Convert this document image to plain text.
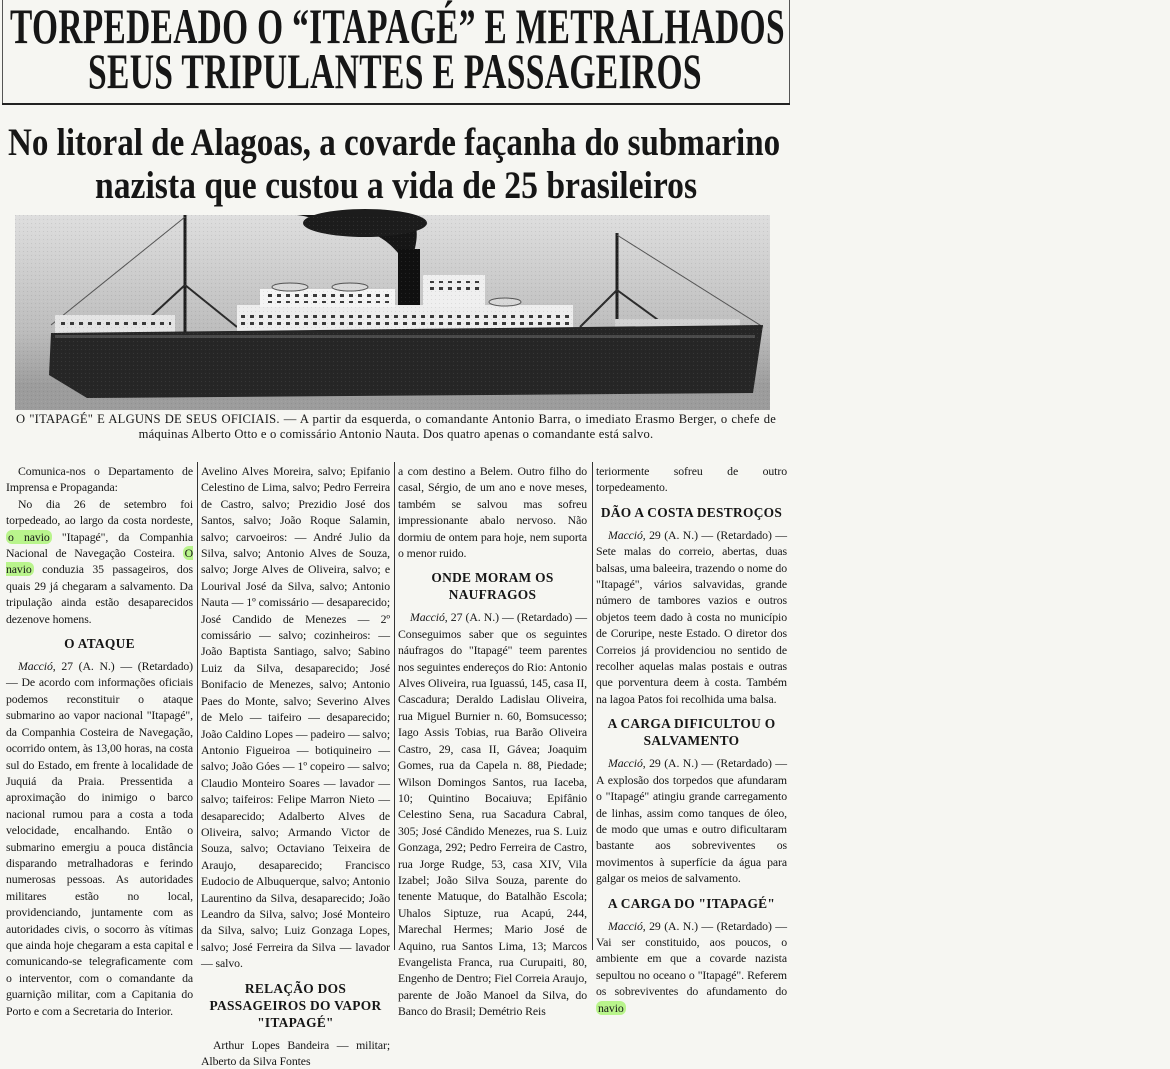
TORPEDEADO O “ITAPAGÉ” E METRALHADOS
SEUS TRIPULANTES E PASSAGEIROS
No litoral de Alagoas, a covarde façanha do submarino
nazista que custou a vida de 25 brasileiros
O "ITAPAGÉ" E ALGUNS DE SEUS OFICIAIS. — A partir da esquerda, o comandante Antonio Barra, o imediato Erasmo Berger, o chefe de máquinas Alberto Otto e o comissário Antonio Nauta. Dos quatro apenas o comandante está salvo.

Comunica-nos o Departamento de Imprensa e Propaganda:

No dia 26 de setembro foi torpedeado, ao largo da costa nordeste, o navio "Itapagé", da Companhia Nacional de Navegação Costeira. O navio conduzia 35 passageiros, dos quais 29 já chegaram a salvamento. Da tripulação ainda estão desaparecidos dezenove homens.

O ATAQUE

Macció, 27 (A. N.) — (Retardado) — De acordo com informações oficiais podemos reconstituir o ataque submarino ao vapor nacional "Itapagé", da Companhia Costeira de Navegação, ocorrido ontem, às 13,00 horas, na costa sul do Estado, em frente à localidade de Juquiá da Praia. Pressentida a aproximação do inimigo o barco nacional rumou para a costa a toda velocidade, encalhando. Então o submarino emergiu a pouca distância disparando metralhadoras e ferindo numerosas pessoas. As autoridades militares estão no local, providenciando, juntamente com as autoridades civis, o socorro às vítimas que ainda hoje chegaram a esta capital e comunicando-se telegraficamente com o interventor, com o comandante da guarnição militar, com a Capitania do Porto e com a Secretaria do Interior.

Avelino Alves Moreira, salvo; Epifanio Celestino de Lima, salvo; Pedro Ferreira de Castro, salvo; Prezidio José dos Santos, salvo; João Roque Salamin, salvo; carvoeiros: — André Julio da Silva, salvo; Antonio Alves de Souza, salvo; Jorge Alves de Oliveira, salvo; e Lourival José da Silva, salvo; Antonio Nauta — 1º comissário — desaparecido; José Candido de Menezes — 2º comissário — salvo; cozinheiros: — João Baptista Santiago, salvo; Sabino Luiz da Silva, desaparecido; José Bonifacio de Menezes, salvo; Antonio Paes do Monte, salvo; Severino Alves de Melo — taifeiro — desaparecido; João Caldino Lopes — padeiro — salvo; Antonio Figueiroa — botiquineiro — salvo; João Góes — 1º copeiro — salvo; Claudio Monteiro Soares — lavador — salvo; taifeiros: Felipe Marron Nieto — desaparecido; Adalberto Alves de Oliveira, salvo; Armando Victor de Souza, salvo; Octaviano Teixeira de Araujo, desaparecido; Francisco Eudocio de Albuquerque, salvo; Antonio Laurentino da Silva, desaparecido; João Leandro da Silva, salvo; José Monteiro da Silva, salvo; Luiz Gonzaga Lopes, salvo; José Ferreira da Silva — lavador — salvo.

RELAÇÃO DOS PASSAGEIROS DO VAPOR "ITAPAGÉ"

Arthur Lopes Bandeira — militar; Alberto da Silva Fontes

a com destino a Belem. Outro filho do casal, Sérgio, de um ano e nove meses, também se salvou mas sofreu impressionante abalo nervoso. Não dormiu de ontem para hoje, nem suporta o menor ruido.

ONDE MORAM OS NAUFRAGOS

Macció, 27 (A. N.) — (Retardado) — Conseguimos saber que os seguintes náufragos do "Itapagé" teem parentes nos seguintes endereços do Rio: Antonio Alves Oliveira, rua Iguassú, 145, casa II, Cascadura; Deraldo Ladislau Oliveira, rua Miguel Burnier n. 60, Bomsucesso; Iago Assis Tobias, rua Barão Oliveira Castro, 29, casa II, Gávea; Joaquim Gomes, rua da Capela n. 88, Piedade; Wilson Domingos Santos, rua Iaceba, 10; Quintino Bocaiuva; Epifânio Celestino Sena, rua Sacadura Cabral, 305; José Cândido Menezes, rua S. Luiz Gonzaga, 292; Pedro Ferreira de Castro, rua Jorge Rudge, 53, casa XIV, Vila Izabel; João Silva Souza, parente do tenente Matuque, do Batalhão Escola; Uhalos Siptuze, rua Acapú, 244, Marechal Hermes; Mario José de Aquino, rua Santos Lima, 13; Marcos Evangelista Franca, rua Curupaiti, 80, Engenho de Dentro; Fiel Correia Araujo, parente de João Manoel da Silva, do Banco do Brasil; Demétrio Reis

teriormente sofreu de outro torpedeamento.

DÃO A COSTA DESTROÇOS

Macció, 29 (A. N.) — (Retardado) — Sete malas do correio, abertas, duas balsas, uma baleeira, trazendo o nome do "Itapagé", vários salvavidas, grande número de tambores vazios e outros objetos teem dado à costa no município de Coruripe, neste Estado. O diretor dos Correios já providenciou no sentido de recolher aquelas malas postais e outras que porventura deem à costa. Também na lagoa Patos foi recolhida uma balsa.

A CARGA DIFICULTOU O SALVAMENTO

Macció, 29 (A. N.) — (Retardado) — A explosão dos torpedos que afundaram o "Itapagé" atingiu grande carregamento de linhas, assim como tanques de óleo, de modo que umas e outro dificultaram bastante aos sobreviventes os movimentos à superfície da água para galgar os meios de salvamento.

A CARGA DO "ITAPAGÉ"

Macció, 29 (A. N.) — (Retardado) — Vai ser constituido, aos poucos, o ambiente em que a covarde nazista sepultou no oceano o "Itapagé". Referem os sobreviventes do afundamento do navio
